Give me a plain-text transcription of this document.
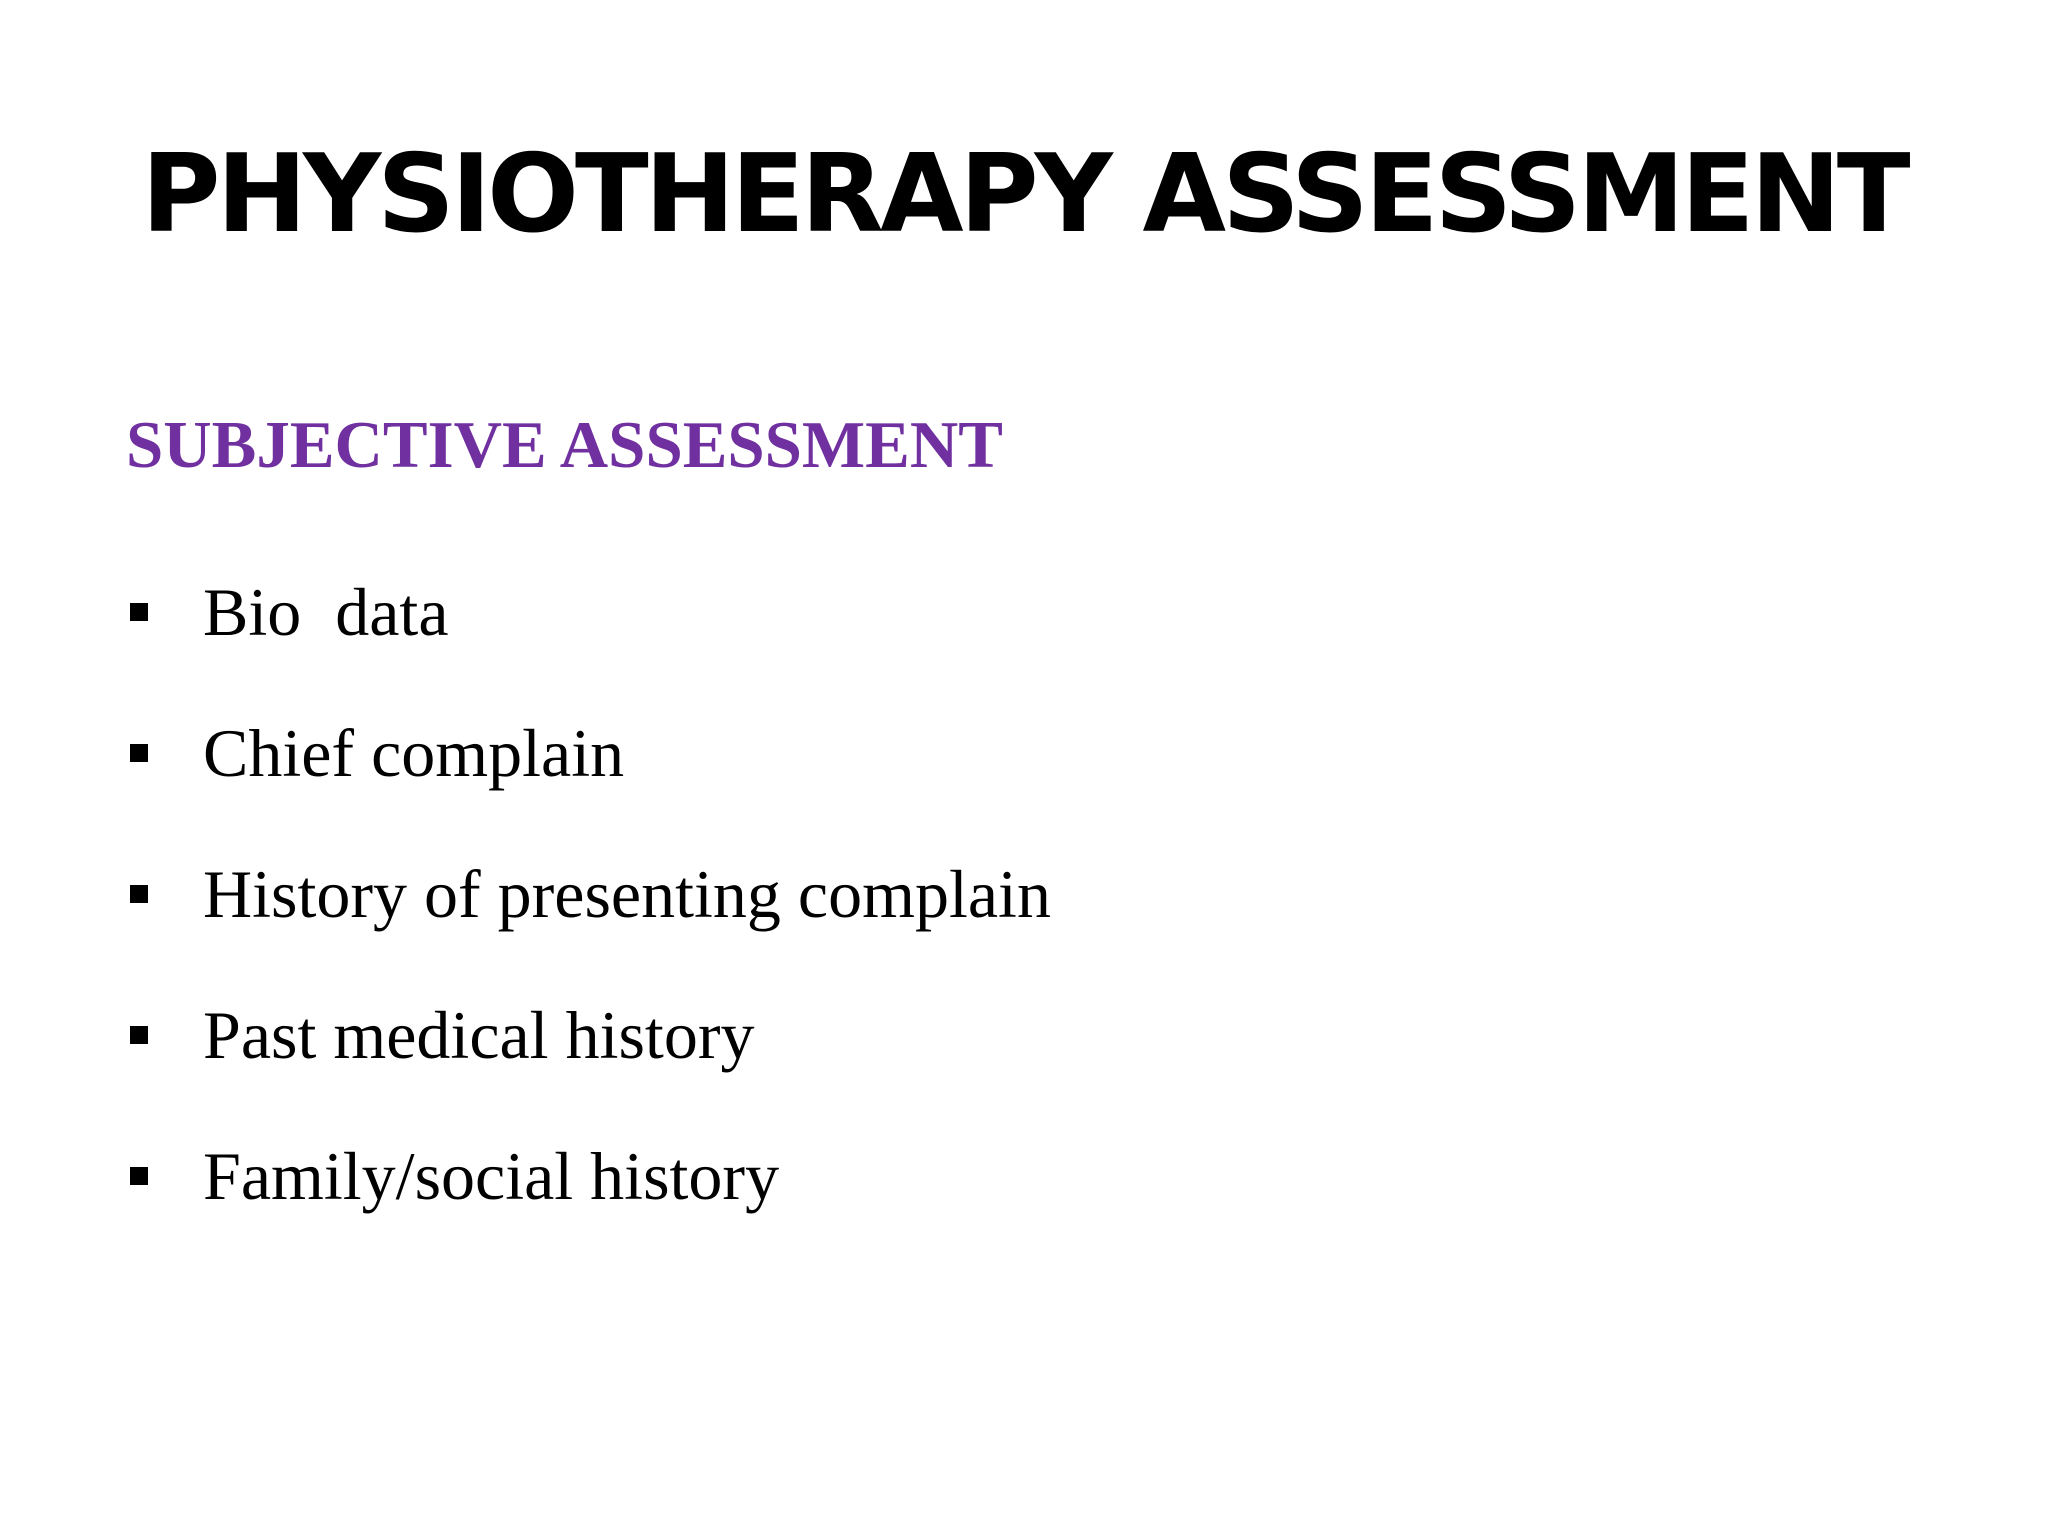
PHYSIOTHERAPY ASSESSMENT
SUBJECTIVE ASSESSMENT
Bio  data
Chief complain
History of presenting complain
Past medical history
Family/social history
